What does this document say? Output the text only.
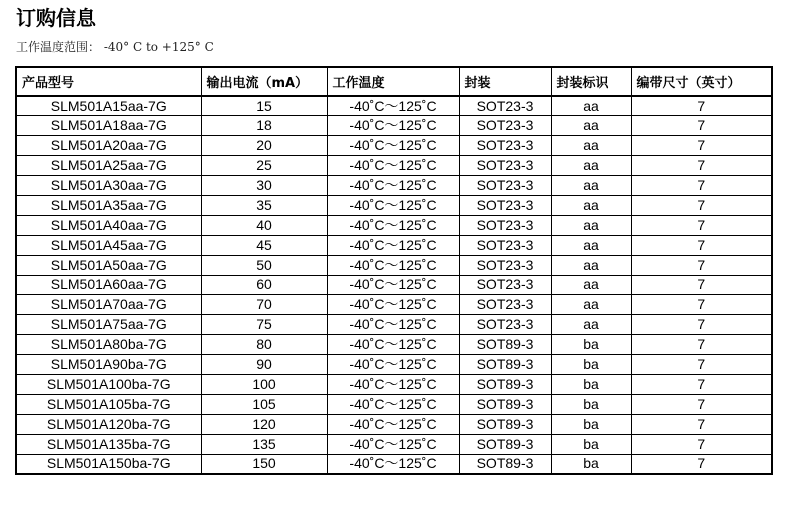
订购信息
工作温度范围： -40° C to +125° C
产品型号	输出电流（mA）	工作温度	封装	封装标识	编带尺寸（英寸）
SLM501A15aa-7G	15	-40˚C～125˚C	SOT23-3	aa	7
SLM501A18aa-7G	18	-40˚C～125˚C	SOT23-3	aa	7
SLM501A20aa-7G	20	-40˚C～125˚C	SOT23-3	aa	7
SLM501A25aa-7G	25	-40˚C～125˚C	SOT23-3	aa	7
SLM501A30aa-7G	30	-40˚C～125˚C	SOT23-3	aa	7
SLM501A35aa-7G	35	-40˚C～125˚C	SOT23-3	aa	7
SLM501A40aa-7G	40	-40˚C～125˚C	SOT23-3	aa	7
SLM501A45aa-7G	45	-40˚C～125˚C	SOT23-3	aa	7
SLM501A50aa-7G	50	-40˚C～125˚C	SOT23-3	aa	7
SLM501A60aa-7G	60	-40˚C～125˚C	SOT23-3	aa	7
SLM501A70aa-7G	70	-40˚C～125˚C	SOT23-3	aa	7
SLM501A75aa-7G	75	-40˚C～125˚C	SOT23-3	aa	7
SLM501A80ba-7G	80	-40˚C～125˚C	SOT89-3	ba	7
SLM501A90ba-7G	90	-40˚C～125˚C	SOT89-3	ba	7
SLM501A100ba-7G	100	-40˚C～125˚C	SOT89-3	ba	7
SLM501A105ba-7G	105	-40˚C～125˚C	SOT89-3	ba	7
SLM501A120ba-7G	120	-40˚C～125˚C	SOT89-3	ba	7
SLM501A135ba-7G	135	-40˚C～125˚C	SOT89-3	ba	7
SLM501A150ba-7G	150	-40˚C～125˚C	SOT89-3	ba	7
